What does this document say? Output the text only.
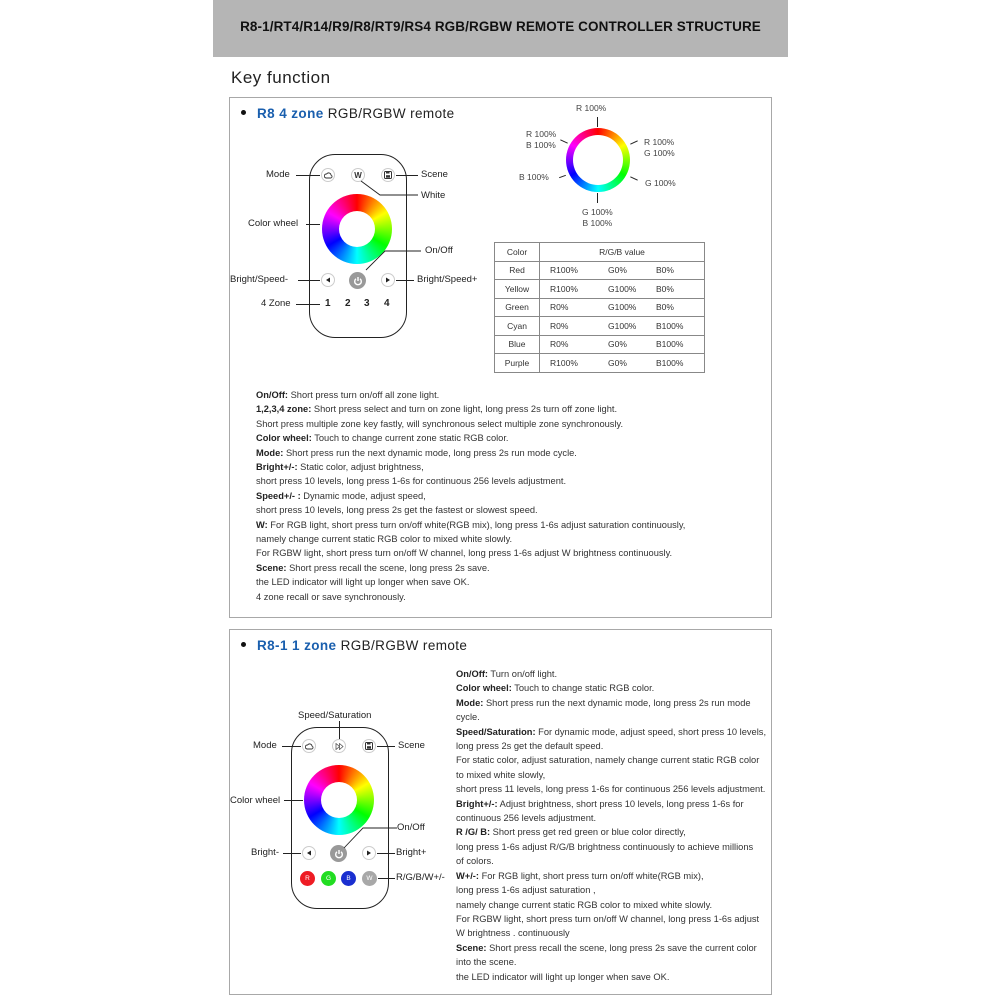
R8-1/RT4/R14/R9/R8/RT9/RS4 RGB/RGBW REMOTE CONTROLLER STRUCTURE
Key function
R8 4 zone RGB/RGBW remote
W
1 2 3 4
Mode	Scene
White
Color wheel
On/Off
Bright/Speed-	Bright/Speed+
4 Zone
R 100%
R 100%
B 100%	R 100%
G 100%
B 100%
G 100%
G 100%
B 100%
Color	R/G/B value
Red	R100% G0% B0%

Yellow	R100% G100% B0%

Green	R0% G100% B0%

Cyan	R0% G100% B100%

Blue	R0% G0% B100%

Purple	R100% G0% B100%

On/Off: Short press turn on/off all zone light.

1,2,3,4 zone: Short press select and turn on zone light, long press 2s turn off zone light.

Short press multiple zone key fastly, will synchronous select multiple zone synchronously.

Color wheel: Touch to change current zone static RGB color.

Mode: Short press run the next dynamic mode, long press 2s run mode cycle.

Bright+/-: Static color, adjust brightness,

short press 10 levels, long press 1-6s for continuous 256 levels adjustment.

Speed+/- : Dynamic mode, adjust speed,

short press 10 levels, long press 2s get the fastest or slowest speed.

W: For RGB light, short press turn on/off white(RGB mix), long press 1-6s adjust saturation continuously,

namely change current static RGB color to mixed white slowly.

For RGBW light, short press turn on/off W channel, long press 1-6s adjust W brightness continuously.

Scene: Short press recall the scene, long press 2s save.

the LED indicator will light up longer when save OK.

4 zone recall or save synchronously.

R8-1 1 zone RGB/RGBW remote
R	G	B	W
Speed/Saturation
Mode	Scene
Color wheel
On/Off
Bright-	Bright+
R/G/B/W+/-

On/Off: Turn on/off light.

Color wheel: Touch to change static RGB color.

Mode: Short press run the next dynamic mode, long press 2s run mode

cycle.

Speed/Saturation: For dynamic mode, adjust speed, short press 10 levels,

long press 2s get the default speed.

For static color, adjust saturation, namely change current static RGB color

to mixed white slowly,

short press 11 levels, long press 1-6s for continuous 256 levels adjustment.

Bright+/-: Adjust brightness, short press 10 levels, long press 1-6s for

continuous 256 levels adjustment.

R /G/ B: Short press get red green or blue color directly,

long press 1-6s adjust R/G/B brightness continuously to achieve millions

of colors.

W+/-: For RGB light, short press turn on/off white(RGB mix),

long press 1-6s adjust saturation ,

namely change current static RGB color to mixed white slowly.

For RGBW light, short press turn on/off W channel, long press 1-6s adjust

W brightness . continuously

Scene: Short press recall the scene, long press 2s save the current color

into the scene.

the LED indicator will light up longer when save OK.
